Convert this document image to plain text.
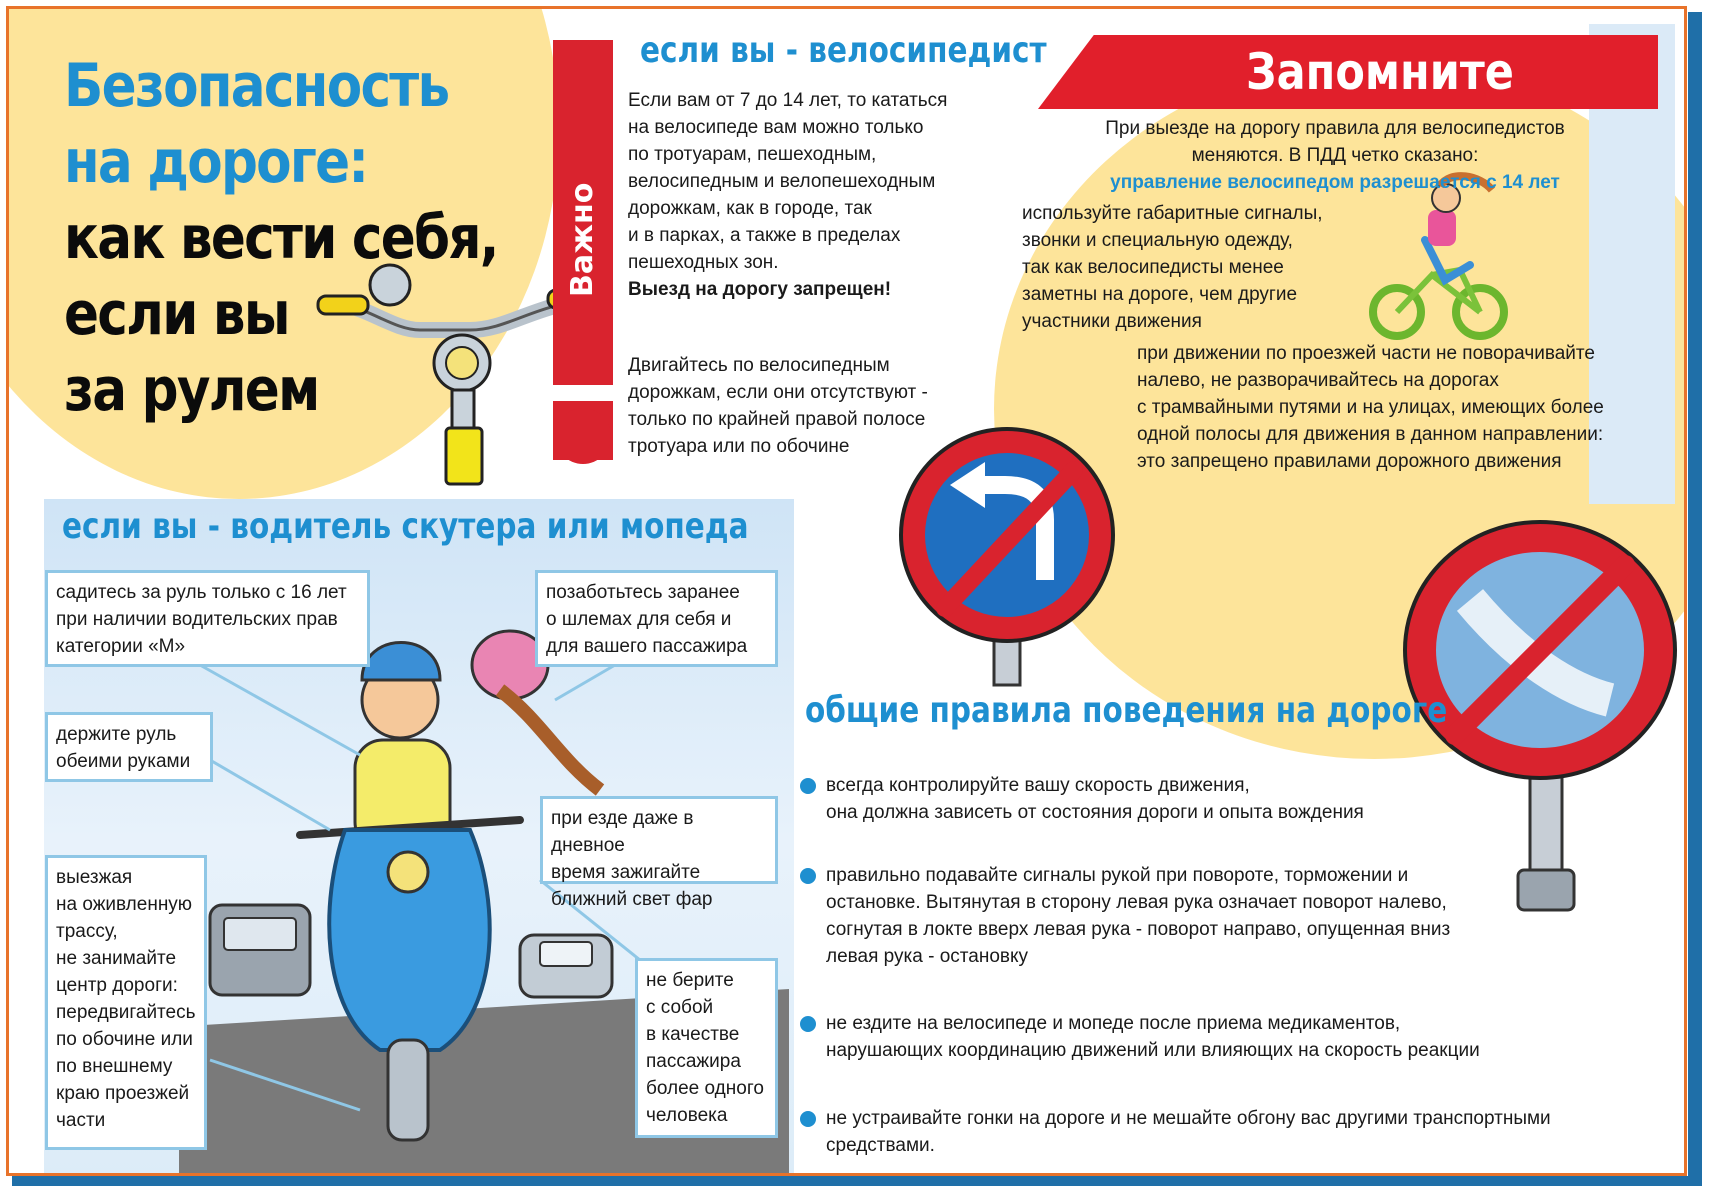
Безопасность
на дороге:
как вести себя,
если вы
за рулем
Важно
если вы - велосипедист

Если вам от 7 до 14 лет, то кататься

на велосипеде вам можно только

по тротуарам, пешеходным,

велосипедным и велопешеходным

дорожкам, как в городе, так

и в парках, а также в пределах

пешеходных зон.

Выезд на дорогу запрещен!

Двигайтесь по велосипедным

дорожкам, если они отсутствуют -

только по крайней правой полосе

тротуара или по обочине

Запомните

При выезде на дорогу правила для велосипедистов

меняются. В ПДД четко сказано:

управление велосипедом разрешается с 14 лет

используйте габаритные сигналы,

звонки и специальную одежду,

так как велосипедисты менее

заметны на дороге, чем другие

участники движения

при движении по проезжей части не поворачивайте

налево, не разворачивайтесь на дорогах

с трамвайными путями и на улицах, имеющих более

одной полосы для движения в данном направлении:

это запрещено правилами дорожного движения

если вы - водитель скутера или мопеда

садитесь за руль только с 16 лет

при наличии водительских прав

категории «М»

позаботьтесь заранее

о шлемах для себя и

для вашего пассажира

держите руль

обеими руками

при езде даже в дневное

время зажигайте

ближний свет фар

выезжая

на оживленную

трассу,

не занимайте

центр дороги:

передвигайтесь

по обочине или

по внешнему

краю проезжей

части

не берите

с собой

в качестве

пассажира

более одного

человека

общие правила поведения на дороге

всегда контролируйте вашу скорость движения,

она должна зависеть от состояния дороги и опыта вождения

правильно подавайте сигналы рукой при повороте, торможении и

остановке. Вытянутая в сторону левая рука означает поворот налево,

согнутая в локте вверх левая рука - поворот направо, опущенная вниз

левая рука - остановку

не ездите на велосипеде и мопеде после приема медикаментов,

нарушающих координацию движений или влияющих на скорость реакции

не устраивайте гонки на дороге и не мешайте обгону вас другими транспортными

средствами.
